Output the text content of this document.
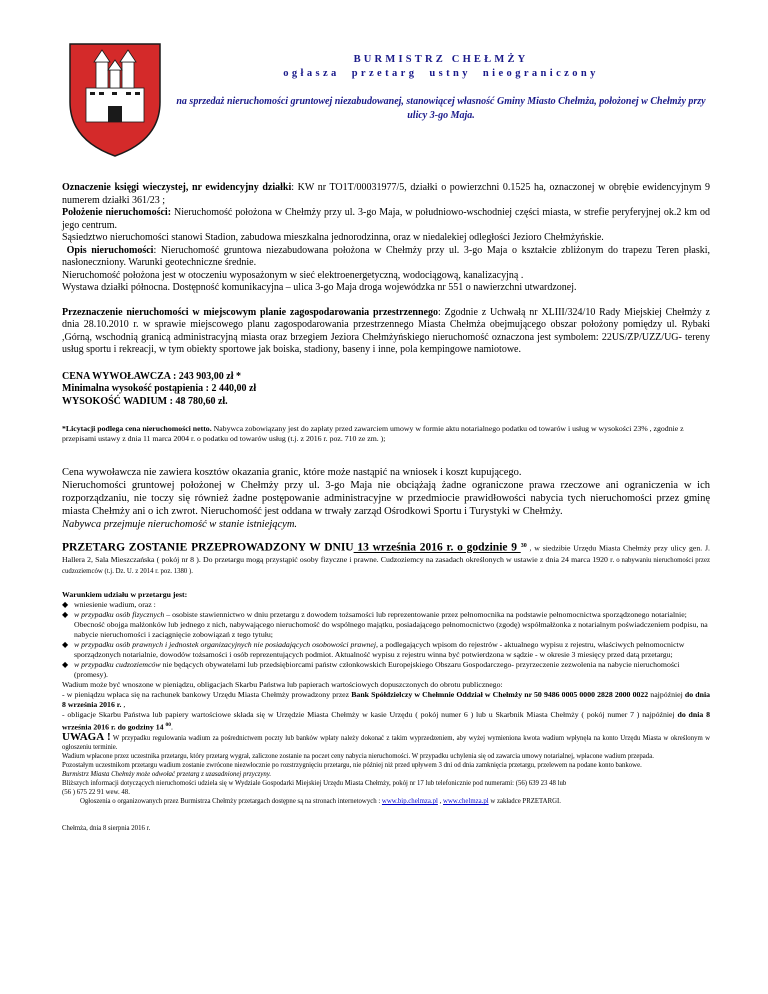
BURMISTRZ CHEŁMŻY
ogłasza przetarg ustny nieograniczony
na sprzedaż nieruchomości gruntowej niezabudowanej, stanowiącej własność Gminy Miasto Chełmża, położonej w Chełmży przy ulicy 3-go Maja.

Oznaczenie księgi wieczystej, nr ewidencyjny działki: KW nr TO1T/00031977/5, działki o powierzchni 0.1525 ha, oznaczonej w obrębie ewidencyjnym 9 numerem działki 361/23 ;

Położenie nieruchomości: Nieruchomość położona w Chełmży przy ul. 3-go Maja, w południowo-wschodniej części miasta, w strefie peryferyjnej ok.2 km od jego centrum.

Sąsiedztwo nieruchomości stanowi Stadion, zabudowa mieszkalna jednorodzinna, oraz w niedalekiej odległości Jezioro Chełmżyńskie.

Opis nieruchomości: Nieruchomość gruntowa niezabudowana położona w Chełmży przy ul. 3-go Maja o kształcie zbliżonym do trapezu Teren płaski, nasłoneczniony. Warunki geotechniczne średnie.

Nieruchomość położona jest w otoczeniu wyposażonym w sieć elektroenergetyczną, wodociągową, kanalizacyjną .

Wystawa działki północna. Dostępność komunikacyjna – ulica 3-go Maja droga wojewódzka nr 551 o nawierzchni utwardzonej.

Przeznaczenie nieruchomości w miejscowym planie zagospodarowania przestrzennego: Zgodnie z Uchwałą nr XLIII/324/10 Rady Miejskiej Chełmży z dnia 28.10.2010 r. w sprawie miejscowego planu zagospodarowania przestrzennego Miasta Chełmża obejmującego obszar położony pomiędzy ul. Rybaki ,Górną, wschodnią granicą administracyjną miasta oraz brzegiem Jeziora Chełmżyńskiego nieruchomość oznaczona jest symbolem: 22US/ZP/UZZ/UG- tereny usług sportu i rekreacji, w tym obiekty sportowe jak boiska, stadiony, baseny i inne, pola kempingowe namiotowe.

CENA WYWOŁAWCZA : 243 903,00 zł *
Minimalna wysokość postąpienia : 2 440,00 zł
WYSOKOŚĆ WADIUM : 48 780,60 zł.

*Licytacji podlega cena nieruchomości netto. Nabywca zobowiązany jest do zapłaty przed zawarciem umowy w formie aktu notarialnego podatku od towarów i usług w wysokości 23% , zgodnie z przepisami ustawy z dnia 11 marca 2004 r. o podatku od towarów usług (t.j. z 2016 r. poz. 710 ze zm. );

Cena wywoławcza nie zawiera kosztów okazania granic, które może nastąpić na wniosek i koszt kupującego.

Nieruchomości gruntowej położonej w Chełmży przy ul. 3-go Maja nie obciążają żadne ograniczone prawa rzeczowe ani ograniczenia w ich rozporządzaniu, nie toczy się również żadne postępowanie administracyjne w przedmiocie prawidłowości nabycia tych nieruchomości przez gminę miasta Chełmży ani o ich zwrot. Nieruchomość jest oddana w trwały zarząd Ośrodkowi Sportu i Turystyki w Chełmży.

Nabywca przejmuje nieruchomość w stanie istniejącym.

PRZETARG ZOSTANIE PRZEPROWADZONY W DNIU 13 września 2016 r. o godzinie 9 $^{30}$ , w siedzibie Urzędu Miasta Chełmży przy ulicy gen. J. Hallera 2, Sala Mieszczańska ( pokój nr 8 ). Do przetargu mogą przystąpić osoby fizyczne i prawne. Cudzoziemcy na zasadach określonych w ustawie z dnia 24 marca 1920 r. o nabywaniu nieruchomości przez cudzoziemców (t.j. Dz. U. z 2014 r. poz. 1380 ).

Warunkiem udziału w przetargu jest:
◆ wniesienie wadium, oraz :
◆ w przypadku osób fizycznych – osobiste stawiennictwo w dniu przetargu z dowodem tożsamości lub reprezentowanie przez pełnomocnika na podstawie pełnomocnictwa sporządzonego notarialnie; Obecność obojga małżonków lub jednego z nich, nabywającego nieruchomość do wspólnego majątku, posiadającego pełnomocnictwo (zgodę) współmałżonka z notarialnym poświadczeniem podpisu, na nabycie nieruchomości i zaciągnięcie zobowiązań z tego tytułu;
◆ w przypadku osób prawnych i jednostek organizacyjnych nie posiadających osobowości prawnej, a podlegających wpisom do rejestrów - aktualnego wypisu z rejestru, właściwych pełnomocnictw sporządzonych notarialnie, dowodów tożsamości i osób reprezentujących podmiot. Aktualność wypisu z rejestru winna być potwierdzona w sądzie - w okresie 3 miesięcy przed datą przetargu;
◆ w przypadku cudzoziemców nie będących obywatelami lub przedsiębiorcami państw członkowskich Europejskiego Obszaru Gospodarczego- przyrzeczenie zezwolenia na nabycie nieruchomości (promesy).

Wadium może być wnoszone w pieniądzu, obligacjach Skarbu Państwa lub papierach wartościowych dopuszczonych do obrotu publicznego:

- w pieniądzu wpłaca się na rachunek bankowy Urzędu Miasta Chełmży prowadzony przez Bank Spółdzielczy w Chełmnie Oddział w Chełmży nr 50 9486 0005 0000 2828 2000 0022 najpóźniej do dnia 8 września 2016 r. ,

- obligacje Skarbu Państwa lub papiery wartościowe składa się w Urzędzie Miasta Chełmży w kasie Urzędu ( pokój numer 6 ) lub u Skarbnik Miasta Chełmży ( pokój numer 7 ) najpóźniej do dnia 8 września 2016 r. do godziny 14 $^{00}$.

UWAGA ! W przypadku regulowania wadium za pośrednictwem poczty lub banków wpłaty należy dokonać z takim wyprzedzeniem, aby wyżej wymieniona kwota wadium wpłynęła na konto Urzędu Miasta w określonym w ogłoszeniu terminie.

Wadium wpłacone przez uczestnika przetargu, który przetarg wygrał, zaliczone zostanie na poczet ceny nabycia nieruchomości. W przypadku uchylenia się od zawarcia umowy notarialnej, wpłacone wadium przepada.

Pozostałym uczestnikom przetargu wadium zostanie zwrócone niezwłocznie po rozstrzygnięciu przetargu, nie później niż przed upływem 3 dni od dnia zamknięcia przetargu, przelewem na podane konto bankowe.

Burmistrz Miasta Chełmży może odwołać przetarg z uzasadnionej przyczyny.

Bliższych informacji dotyczących nieruchomości udziela się w Wydziale Gospodarki Miejskiej Urzędu Miasta Chełmży, pokój nr 17 lub telefonicznie pod numerami: (56) 639 23 48 lub

(56 ) 675 22 91 wew. 48.

Ogłoszenia o organizowanych przez Burmistrza Chełmży przetargach dostępne są na stronach internetowych : www.bip.chelmza.pl , www.chelmza.pl w zakładce PRZETARGI.

Chełmża, dnia 8 sierpnia 2016 r.
